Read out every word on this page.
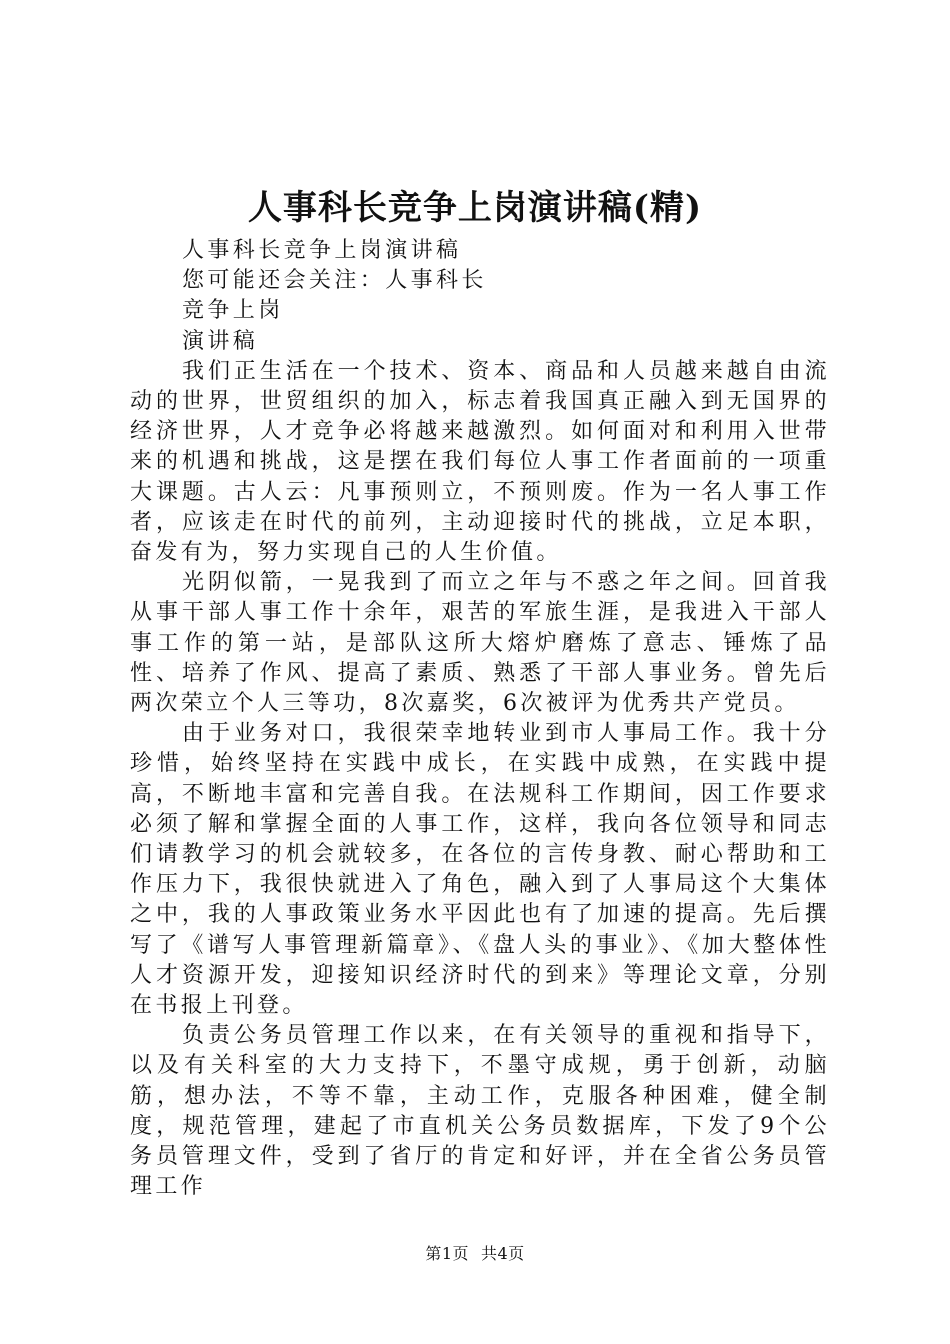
人事科长竞争上岗演讲稿(精)

人事科长竞争上岗演讲稿

您可能还会关注：人事科长

竞争上岗

演讲稿

我们正生活在一个技术、资本、商品和人员越来越自由流动的世界，世贸组织的加入，标志着我国真正融入到无国界的经济世界，人才竞争必将越来越激烈。如何面对和利用入世带来的机遇和挑战，这是摆在我们每位人事工作者面前的一项重大课题。古人云：凡事预则立，不预则废。作为一名人事工作者，应该走在时代的前列，主动迎接时代的挑战，立足本职，奋发有为，努力实现自己的人生价值。

光阴似箭，一晃我到了而立之年与不惑之年之间。回首我从事干部人事工作十余年，艰苦的军旅生涯，是我进入干部人事工作的第一站，是部队这所大熔炉磨炼了意志、锤炼了品性、培养了作风、提高了素质、熟悉了干部人事业务。曾先后两次荣立个人三等功，8次嘉奖，6次被评为优秀共产党员。

由于业务对口，我很荣幸地转业到市人事局工作。我十分珍惜，始终坚持在实践中成长，在实践中成熟，在实践中提高，不断地丰富和完善自我。在法规科工作期间，因工作要求必须了解和掌握全面的人事工作，这样，我向各位领导和同志们请教学习的机会就较多，在各位的言传身教、耐心帮助和工作压力下，我很快就进入了角色，融入到了人事局这个大集体之中，我的人事政策业务水平因此也有了加速的提高。先后撰写了《谱写人事管理新篇章》、《盘人头的事业》、《加大整体性人才资源开发，迎接知识经济时代的到来》等理论文章，分别在书报上刊登。

负责公务员管理工作以来，在有关领导的重视和指导下，以及有关科室的大力支持下，不墨守成规，勇于创新，动脑筋，想办法，不等不靠，主动工作，克服各种困难，健全制度，规范管理，建起了市直机关公务员数据库，下发了9个公务员管理文件，受到了省厅的肯定和好评，并在全省公务员管理工作

第1页 共4页
